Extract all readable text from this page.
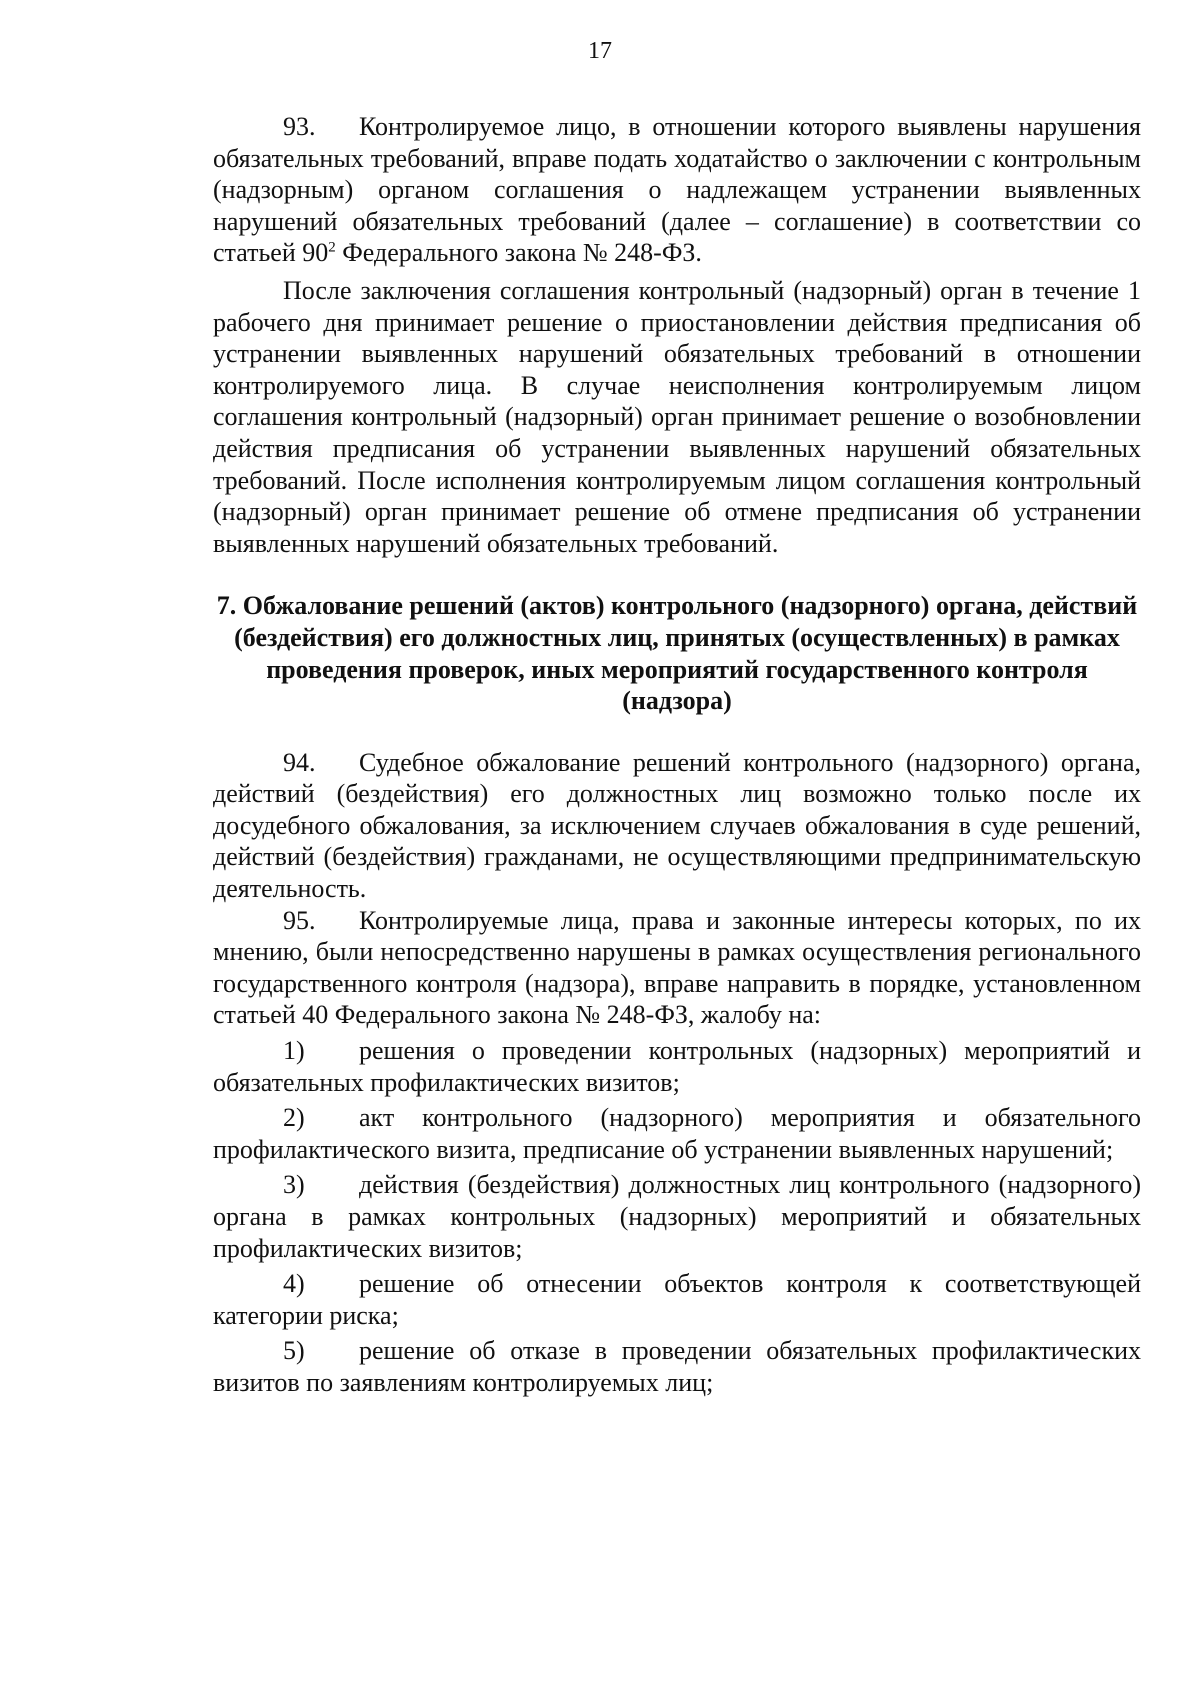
17

93. Контролируемое лицо, в отношении которого выявлены нарушения обязательных требований, вправе подать ходатайство о заключении с контрольным (надзорным) органом соглашения о надлежащем устранении выявленных нарушений обязательных требований (далее – соглашение) в соответствии со статьей $90^2$ Федерального закона № 248-ФЗ.

После заключения соглашения контрольный (надзорный) орган в течение 1 рабочего дня принимает решение о приостановлении действия предписания об устранении выявленных нарушений обязательных требований в отношении контролируемого лица. В случае неисполнения контролируемым лицом соглашения контрольный (надзорный) орган принимает решение о возобновлении действия предписания об устранении выявленных нарушений обязательных требований. После исполнения контролируемым лицом соглашения контрольный (надзорный) орган принимает решение об отмене предписания об устранении выявленных нарушений обязательных требований.

7. Обжалование решений (актов) контрольного (надзорного) органа, действий (бездействия) его должностных лиц, принятых (осуществленных) в рамках проведения проверок, иных мероприятий государственного контроля (надзора)

94. Судебное обжалование решений контрольного (надзорного) органа, действий (бездействия) его должностных лиц возможно только после их досудебного обжалования, за исключением случаев обжалования в суде решений, действий (бездействия) гражданами, не осуществляющими предпринимательскую деятельность.

95. Контролируемые лица, права и законные интересы которых, по их мнению, были непосредственно нарушены в рамках осуществления регионального государственного контроля (надзора), вправе направить в порядке, установленном статьей 40 Федерального закона № 248-ФЗ, жалобу на:

1) решения о проведении контрольных (надзорных) мероприятий и обязательных профилактических визитов;

2) акт контрольного (надзорного) мероприятия и обязательного профилактического визита, предписание об устранении выявленных нарушений;

3) действия (бездействия) должностных лиц контрольного (надзорного) органа в рамках контрольных (надзорных) мероприятий и обязательных профилактических визитов;

4) решение об отнесении объектов контроля к соответствующей категории риска;

5) решение об отказе в проведении обязательных профилактических визитов по заявлениям контролируемых лиц;
